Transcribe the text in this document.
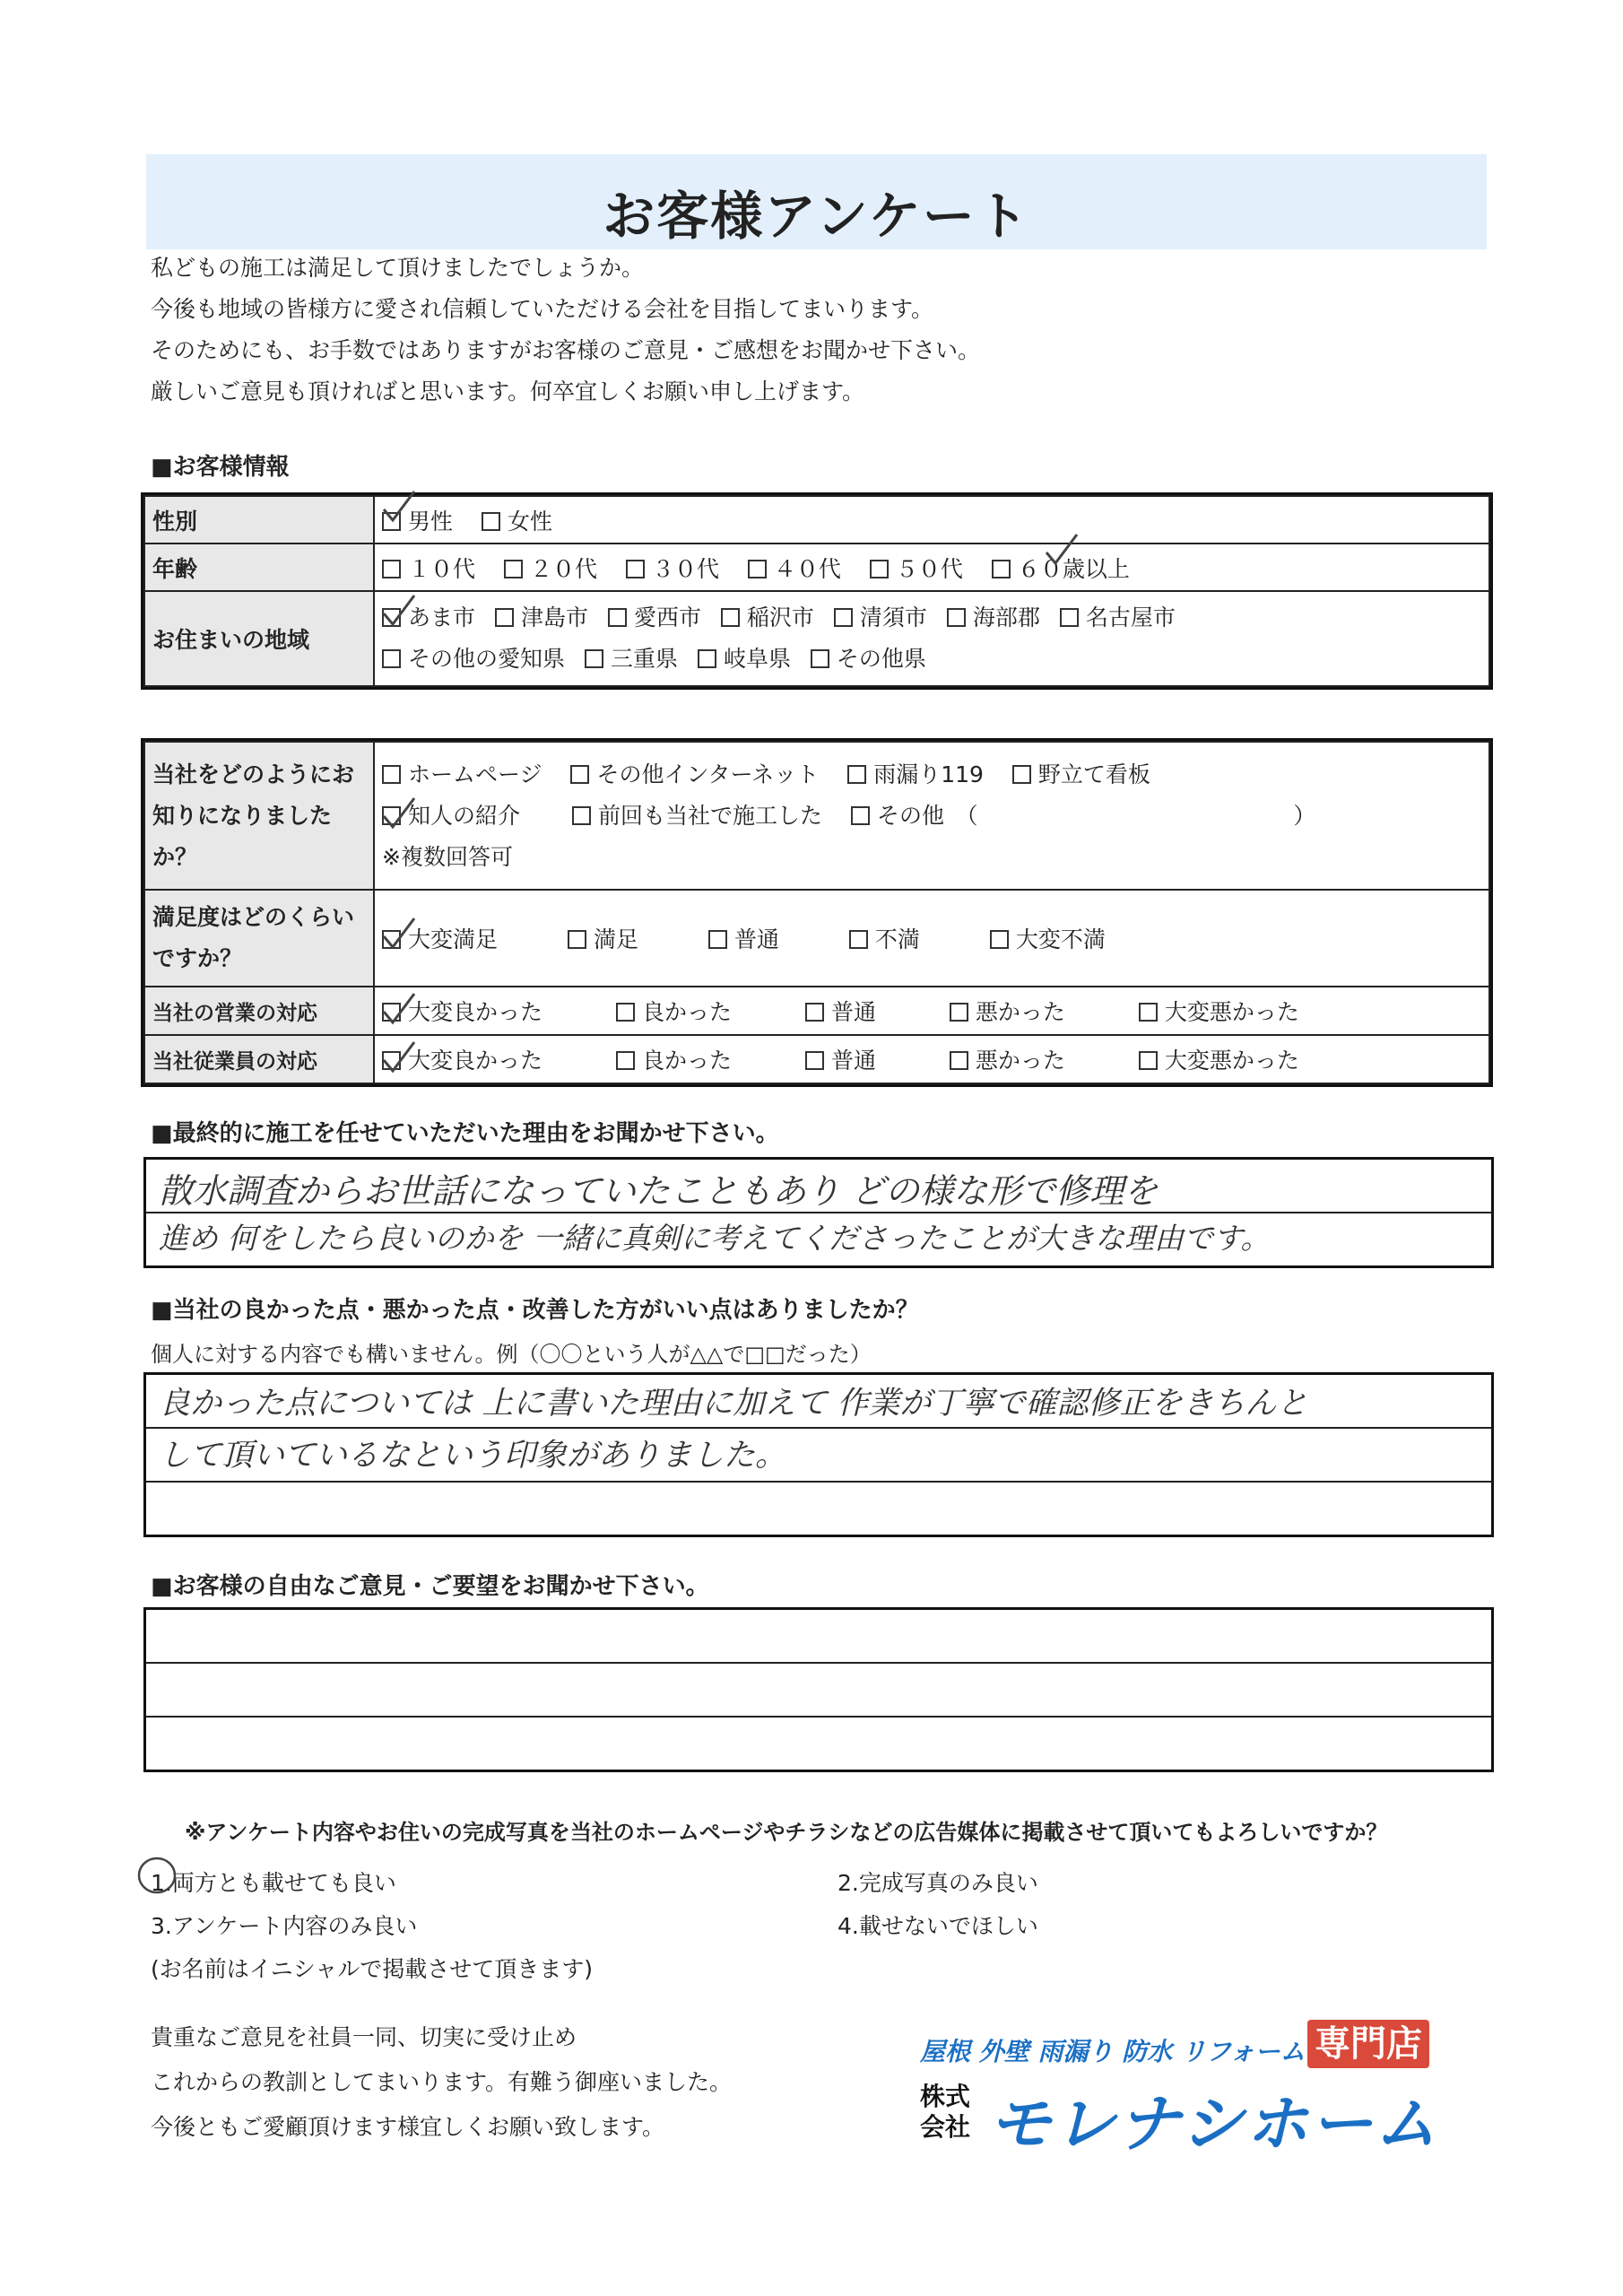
お客様アンケート

私どもの施工は満足して頂けましたでしょうか。

今後も地域の皆様方に愛され信頼していただける会社を目指してまいります。

そのためにも、お手数ではありますがお客様のご意見・ご感想をお聞かせ下さい。

厳しいご意見も頂ければと思います。何卒宜しくお願い申し上げます。

■お客様情報
性別	男性 女性
年齢	１０代 ２０代 ３０代 ４０代 ５０代 ６０歳以上
お住まいの地域	あま市 津島市 愛西市 稲沢市 清須市 海部郡 名古屋市
その他の愛知県 三重県 岐阜県 その他県
当社をどのようにお知りになりましたか？	ホームページ その他インターネット 雨漏り119 野立て看板
知人の紹介 前回も当社で施工した その他　（ ）
※複数回答可

満足度はどのくらいですか？	大変満足 満足 普通 不満 大変不満
当社の営業の対応	大変良かった 良かった 普通 悪かった 大変悪かった
当社従業員の対応	大変良かった 良かった 普通 悪かった 大変悪かった
■最終的に施工を任せていただいた理由をお聞かせ下さい。
散水調査からお世話になっていたこともあり どの様な形で修理を
進め 何をしたら良いのかを 一緒に真剣に考えてくださったことが大きな理由です。
■当社の良かった点・悪かった点・改善した方がいい点はありましたか？
個人に対する内容でも構いません。例（〇〇という人が△△で□□だった）
良かった点については 上に書いた理由に加えて 作業が丁寧で確認修正をきちんと
して頂いているなという印象がありました。
■お客様の自由なご意見・ご要望をお聞かせ下さい。
※アンケート内容やお住いの完成写真を当社のホームページやチラシなどの広告媒体に掲載させて頂いてもよろしいですか？
1.両方とも載せても良い	2.完成写真のみ良い
3.アンケート内容のみ良い	4.載せないでほしい
(お名前はイニシャルで掲載させて頂きます)

貴重なご意見を社員一同、切実に受け止め

これからの教訓としてまいります。有難う御座いました。

今後ともご愛顧頂けます様宜しくお願い致します。

屋根 外壁 雨漏り 防水 リフォーム 専門店
株式
会社 モレナシホーム
